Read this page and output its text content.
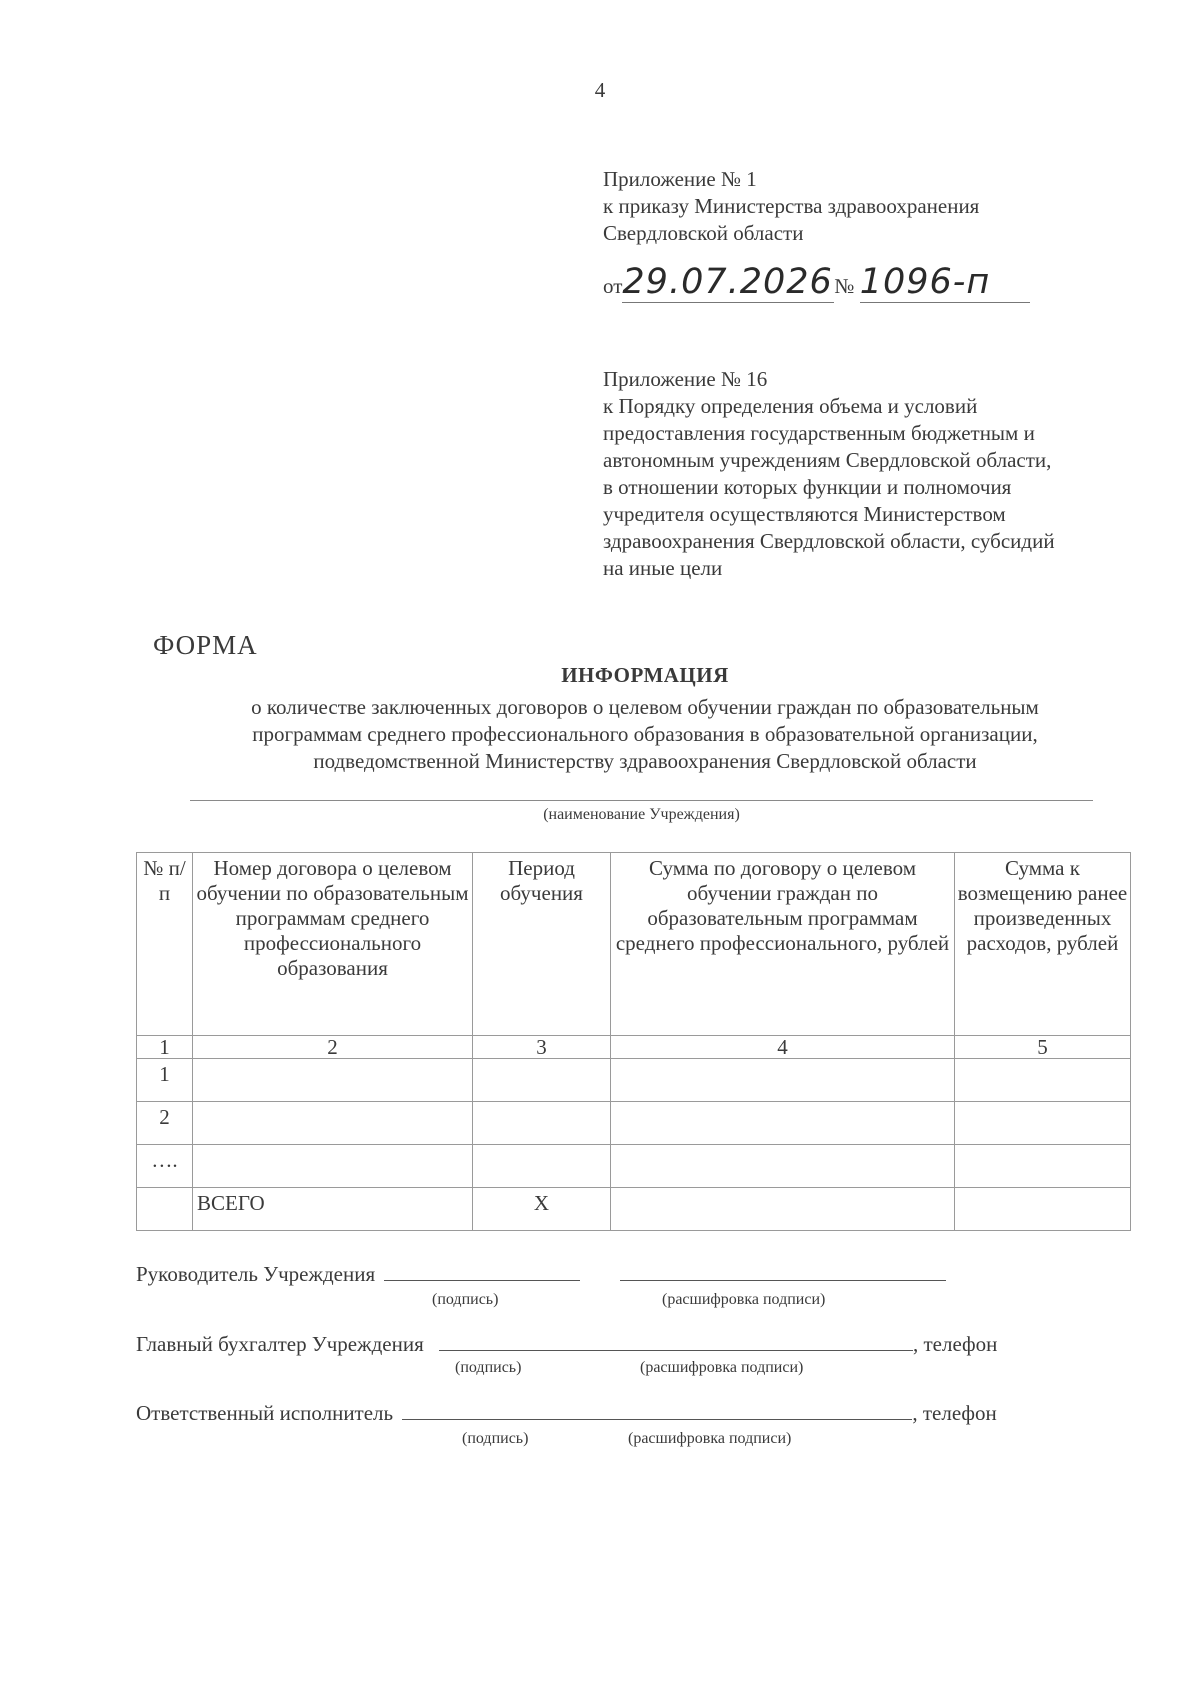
4
Приложение № 1
к приказу Министерства здравоохранения
Свердловской области
от29.07.2026№ 1096-п
Приложение № 16
к Порядку определения объема и условий
предоставления государственным бюджетным и
автономным учреждениям Свердловской области,
в отношении которых функции и полномочия
учредителя осуществляются Министерством
здравоохранения Свердловской области, субсидий
на иные цели
ФОРМА
ИНФОРМАЦИЯ
о количестве заключенных договоров о целевом обучении граждан по образовательным
программам среднего профессионального образования в образовательной организации,
подведомственной Министерству здравоохранения Свердловской области
(наименование Учреждения)
№ п/п	Номер договора о целевом обучении по образовательным программам среднего профессионального образования	Период обучения	Сумма по договору о целевом обучении граждан по образовательным программам среднего профессионального, рублей	Сумма к возмещению ранее произведенных расходов, рублей
1	2	3	4	5
1				
2				
….				
	ВСЕГО	X		
Руководитель Учреждения
(подпись)	(расшифровка подписи)
Главный бухгалтер Учреждения	, телефон
(подпись)	(расшифровка подписи)
Ответственный исполнитель	, телефон
(подпись)	(расшифровка подписи)
